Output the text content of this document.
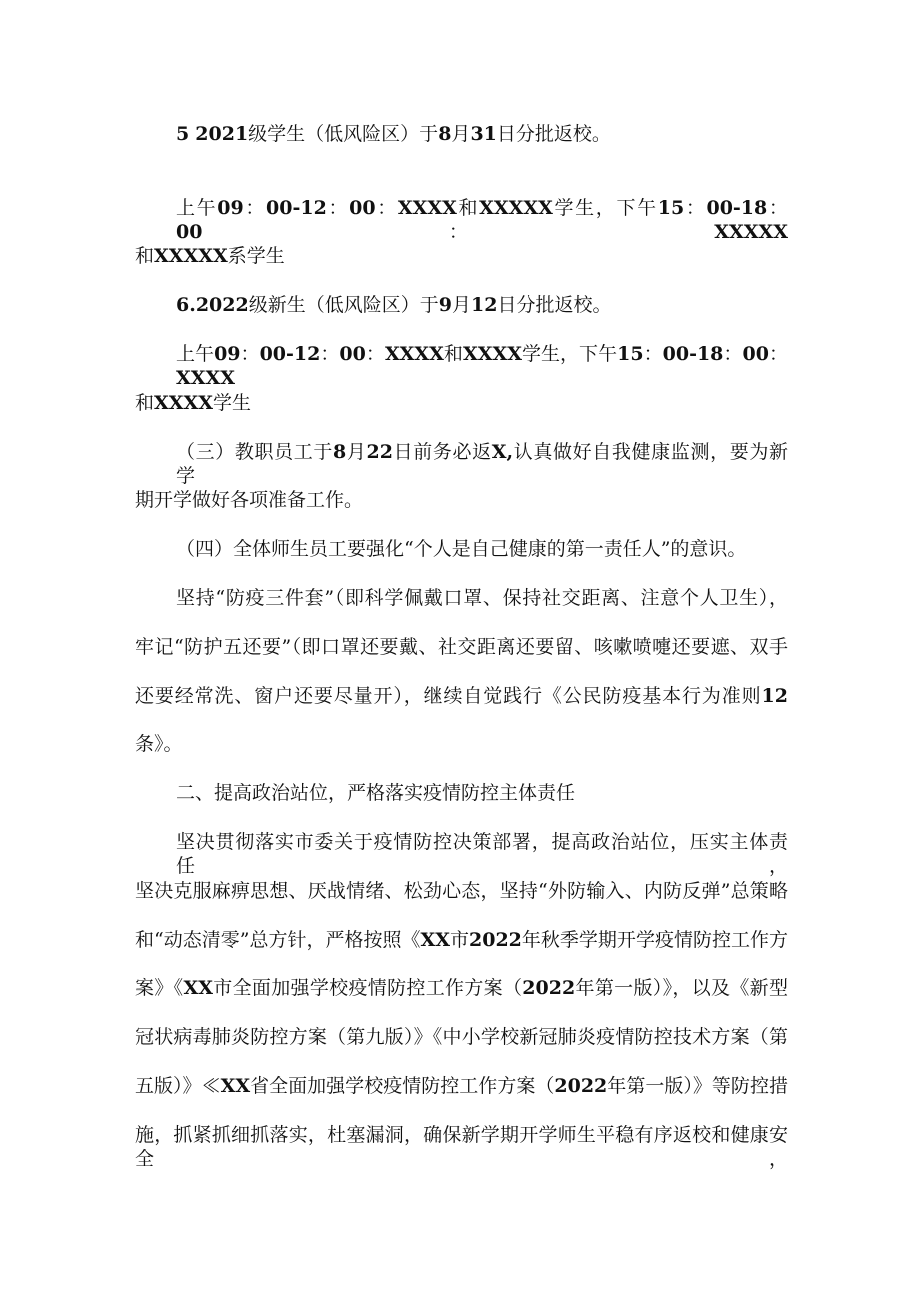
5 2021级学生（低风险区）于8月31日分批返校。
上午09：00-12：00：XXXX和XXXXX学生，下午15：00-18：00：XXXXX
和XXXXX系学生
6.2022级新生（低风险区）于9月12日分批返校。
上午09：00-12：00：XXXX和XXXX学生，下午15：00-18：00：XXXX
和XXXX学生
（三）教职员工于8月22日前务必返X,认真做好自我健康监测，要为新学
期开学做好各项准备工作。
（四）全体师生员工要强化“个人是自己健康的第一责任人”的意识。
坚持“防疫三件套”（即科学佩戴口罩、保持社交距离、注意个人卫生），
牢记“防护五还要”（即口罩还要戴、社交距离还要留、咳嗽喷嚏还要遮、双手
还要经常洗、窗户还要尽量开），继续自觉践行《公民防疫基本行为准则12
条》。
二、提高政治站位，严格落实疫情防控主体责任
坚决贯彻落实市委关于疫情防控决策部署，提高政治站位，压实主体责任，
坚决克服麻痹思想、厌战情绪、松劲心态，坚持“外防输入、内防反弹”总策略
和“动态清零”总方针，严格按照《XX市2022年秋季学期开学疫情防控工作方
案》《XX市全面加强学校疫情防控工作方案（2022年第一版）》，以及《新型
冠状病毒肺炎防控方案（第九版）》《中小学校新冠肺炎疫情防控技术方案（第
五版）》≪XX省全面加强学校疫情防控工作方案（2022年第一版）》等防控措
施，抓紧抓细抓落实，杜塞漏洞，确保新学期开学师生平稳有序返校和健康安全，
